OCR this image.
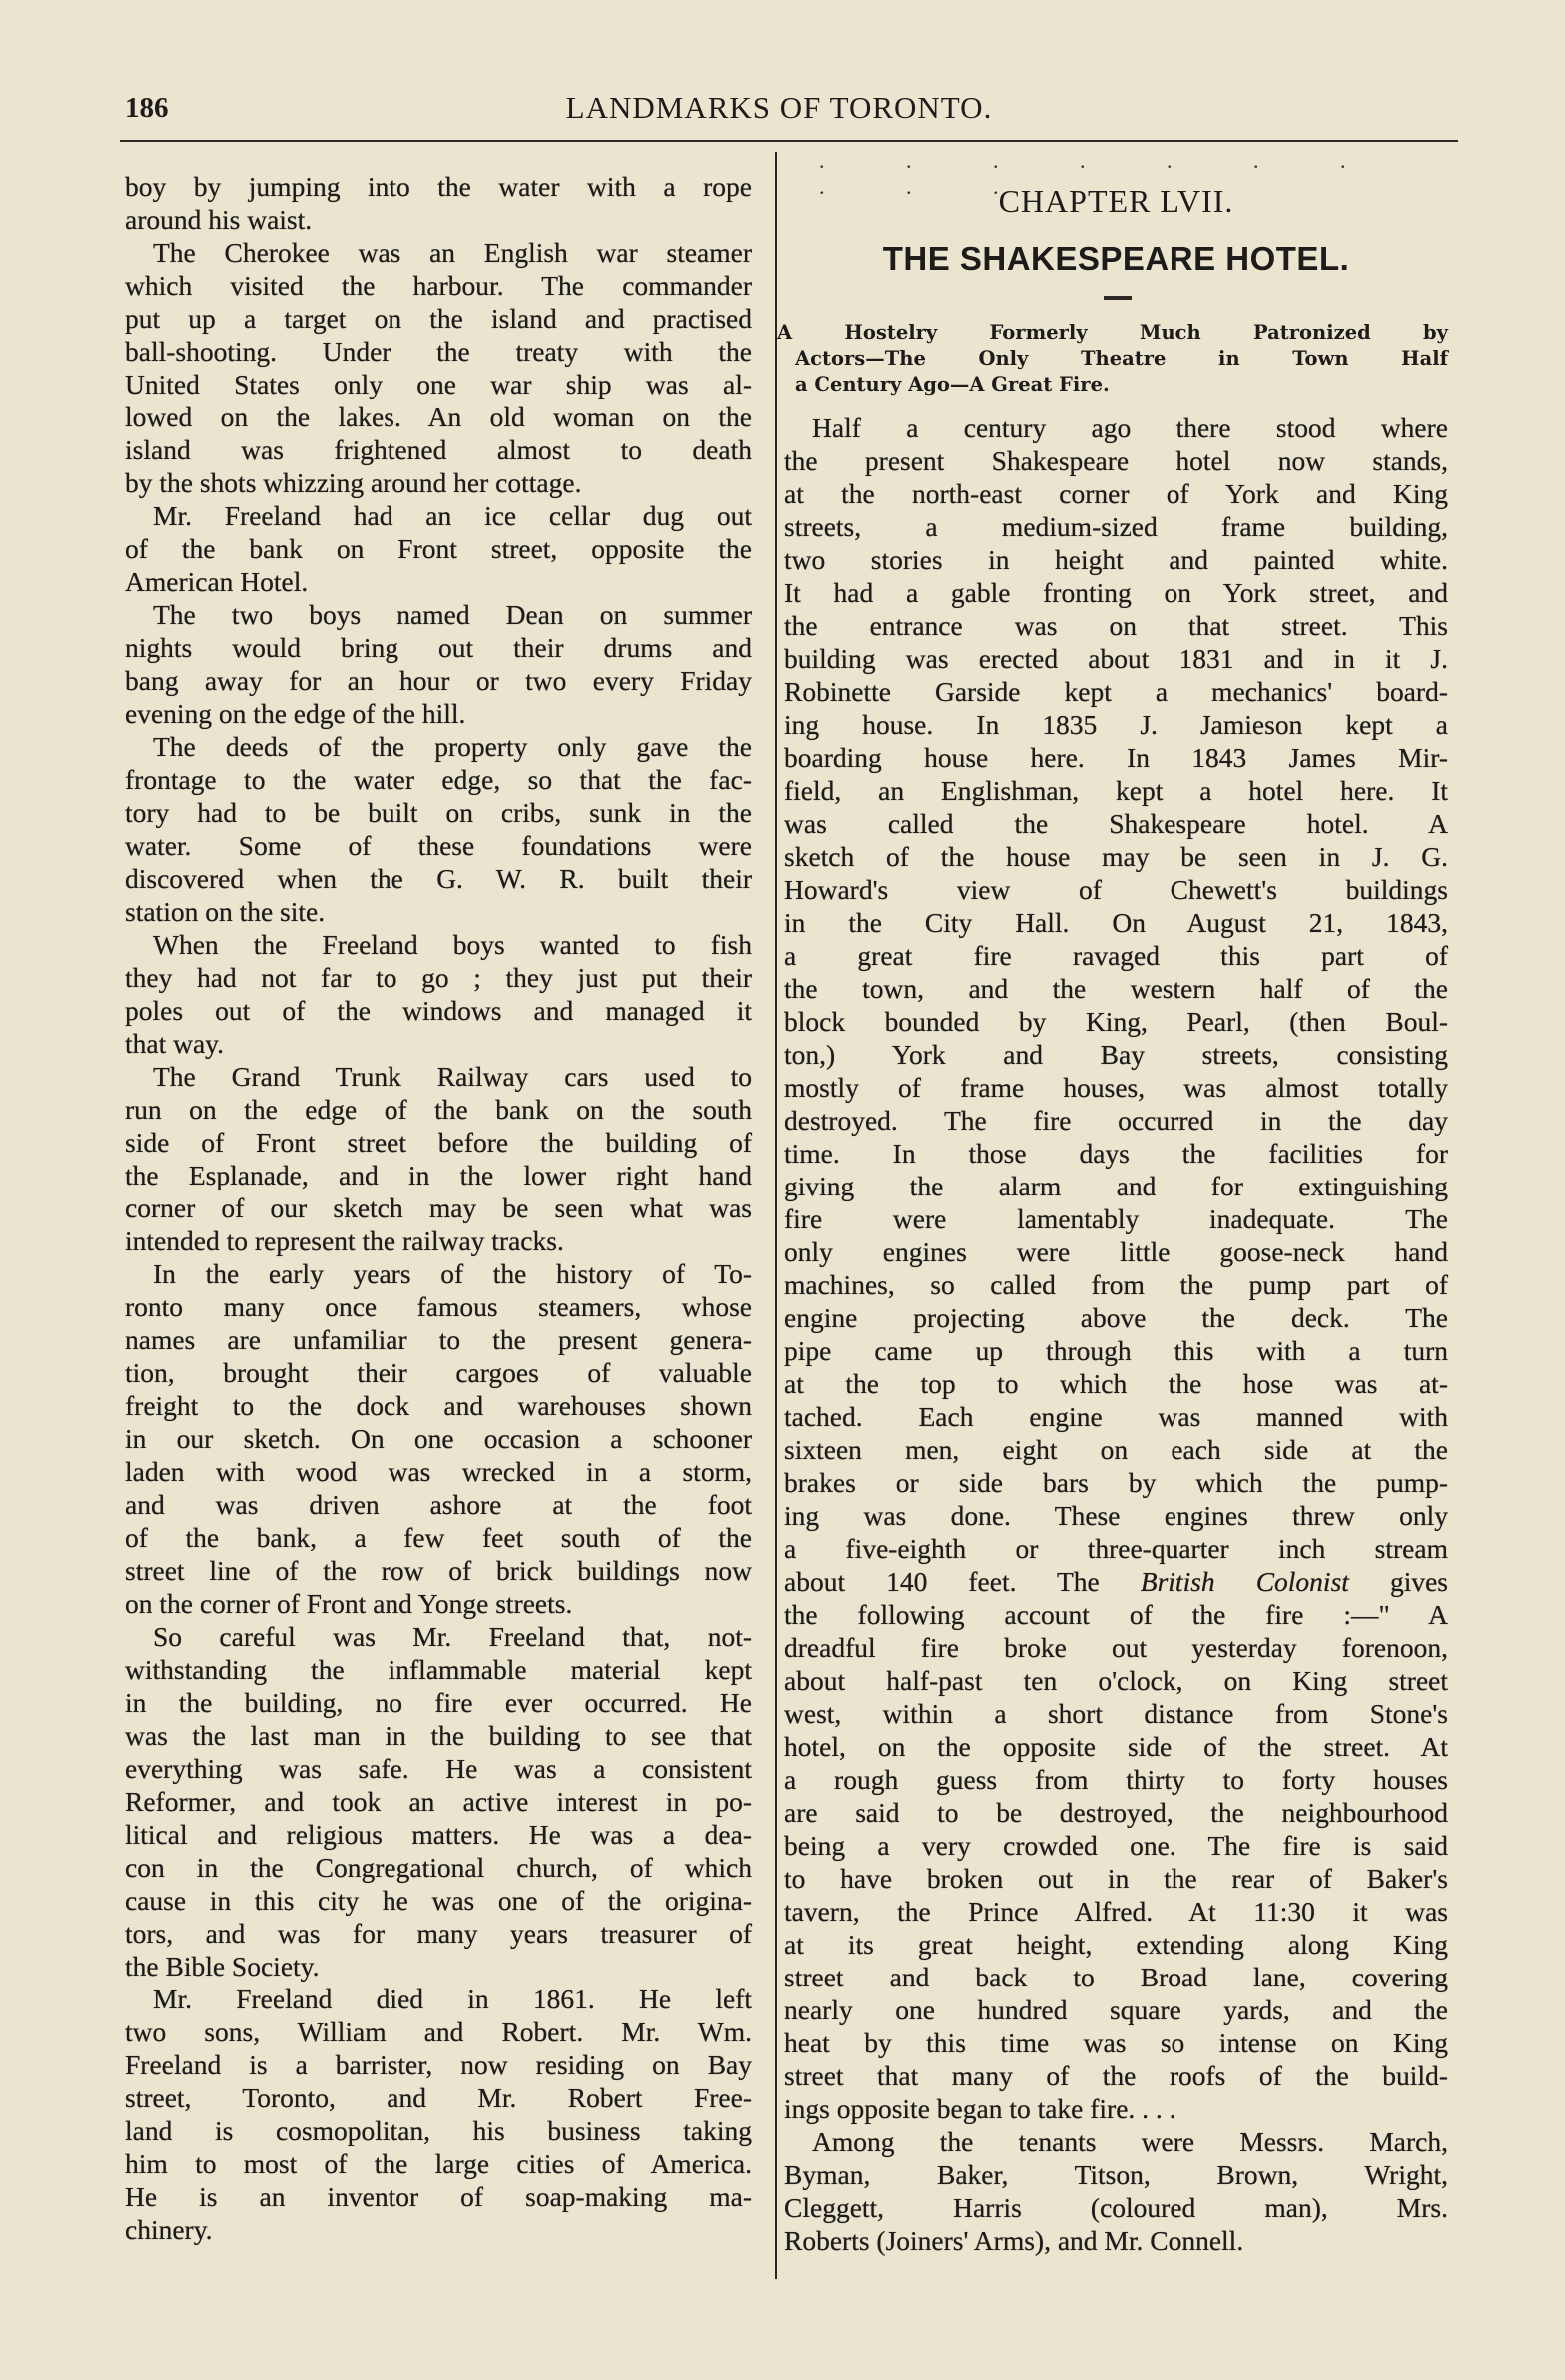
186	LANDMARKS OF TORONTO.
boy by jumping into the water with a rope
around his waist.
The Cherokee was an English war steamer
which visited the harbour. The commander
put up a target on the island and practised
ball-shooting. Under the treaty with the
United States only one war ship was al-
lowed on the lakes. An old woman on the
island was frightened almost to death
by the shots whizzing around her cottage.
Mr. Freeland had an ice cellar dug out
of the bank on Front street, opposite the
American Hotel.
The two boys named Dean on summer
nights would bring out their drums and
bang away for an hour or two every Friday
evening on the edge of the hill.
The deeds of the property only gave the
frontage to the water edge, so that the fac-
tory had to be built on cribs, sunk in the
water. Some of these foundations were
discovered when the G. W. R. built their
station on the site.
When the Freeland boys wanted to fish
they had not far to go ; they just put their
poles out of the windows and managed it
that way.
The Grand Trunk Railway cars used to
run on the edge of the bank on the south
side of Front street before the building of
the Esplanade, and in the lower right hand
corner of our sketch may be seen what was
intended to represent the railway tracks.
In the early years of the history of To-
ronto many once famous steamers, whose
names are unfamiliar to the present genera-
tion, brought their cargoes of valuable
freight to the dock and warehouses shown
in our sketch. On one occasion a schooner
laden with wood was wrecked in a storm,
and was driven ashore at the foot
of the bank, a few feet south of the
street line of the row of brick buildings now
on the corner of Front and Yonge streets.
So careful was Mr. Freeland that, not-
withstanding the inflammable material kept
in the building, no fire ever occurred. He
was the last man in the building to see that
everything was safe. He was a consistent
Reformer, and took an active interest in po-
litical and religious matters. He was a dea-
con in the Congregational church, of which
cause in this city he was one of the origina-
tors, and was for many years treasurer of
the Bible Society.
Mr. Freeland died in 1861. He left
two sons, William and Robert. Mr. Wm.
Freeland is a barrister, now residing on Bay
street, Toronto, and Mr. Robert Free-
land is cosmopolitan, his business taking
him to most of the large cities of America.
He is an inventor of soap-making ma-
chinery.
. . . . . . . . . .
CHAPTER LVII.
THE SHAKESPEARE HOTEL.
A Hostelry Formerly Much Patronized by
Actors—The Only Theatre in Town Half
a Century Ago—A Great Fire.
Half a century ago there stood where
the present Shakespeare hotel now stands,
at the north-east corner of York and King
streets, a medium-sized frame building,
two stories in height and painted white.
It had a gable fronting on York street, and
the entrance was on that street. This
building was erected about 1831 and in it J.
Robinette Garside kept a mechanics' board-
ing house. In 1835 J. Jamieson kept a
boarding house here. In 1843 James Mir-
field, an Englishman, kept a hotel here. It
was called the Shakespeare hotel. A
sketch of the house may be seen in J. G.
Howard's view of Chewett's buildings
in the City Hall. On August 21, 1843,
a great fire ravaged this part of
the town, and the western half of the
block bounded by King, Pearl, (then Boul-
ton,) York and Bay streets, consisting
mostly of frame houses, was almost totally
destroyed. The fire occurred in the day
time. In those days the facilities for
giving the alarm and for extinguishing
fire were lamentably inadequate. The
only engines were little goose-neck hand
machines, so called from the pump part of
engine projecting above the deck. The
pipe came up through this with a turn
at the top to which the hose was at-
tached. Each engine was manned with
sixteen men, eight on each side at the
brakes or side bars by which the pump-
ing was done. These engines threw only
a five-eighth or three-quarter inch stream
about 140 feet. The British Colonist gives
the following account of the fire :—" A
dreadful fire broke out yesterday forenoon,
about half-past ten o'clock, on King street
west, within a short distance from Stone's
hotel, on the opposite side of the street. At
a rough guess from thirty to forty houses
are said to be destroyed, the neighbourhood
being a very crowded one. The fire is said
to have broken out in the rear of Baker's
tavern, the Prince Alfred. At 11:30 it was
at its great height, extending along King
street and back to Broad lane, covering
nearly one hundred square yards, and the
heat by this time was so intense on King
street that many of the roofs of the build-
ings opposite began to take fire. . . .
Among the tenants were Messrs. March,
Byman, Baker, Titson, Brown, Wright,
Cleggett, Harris (coloured man), Mrs.
Roberts (Joiners' Arms), and Mr. Connell.
